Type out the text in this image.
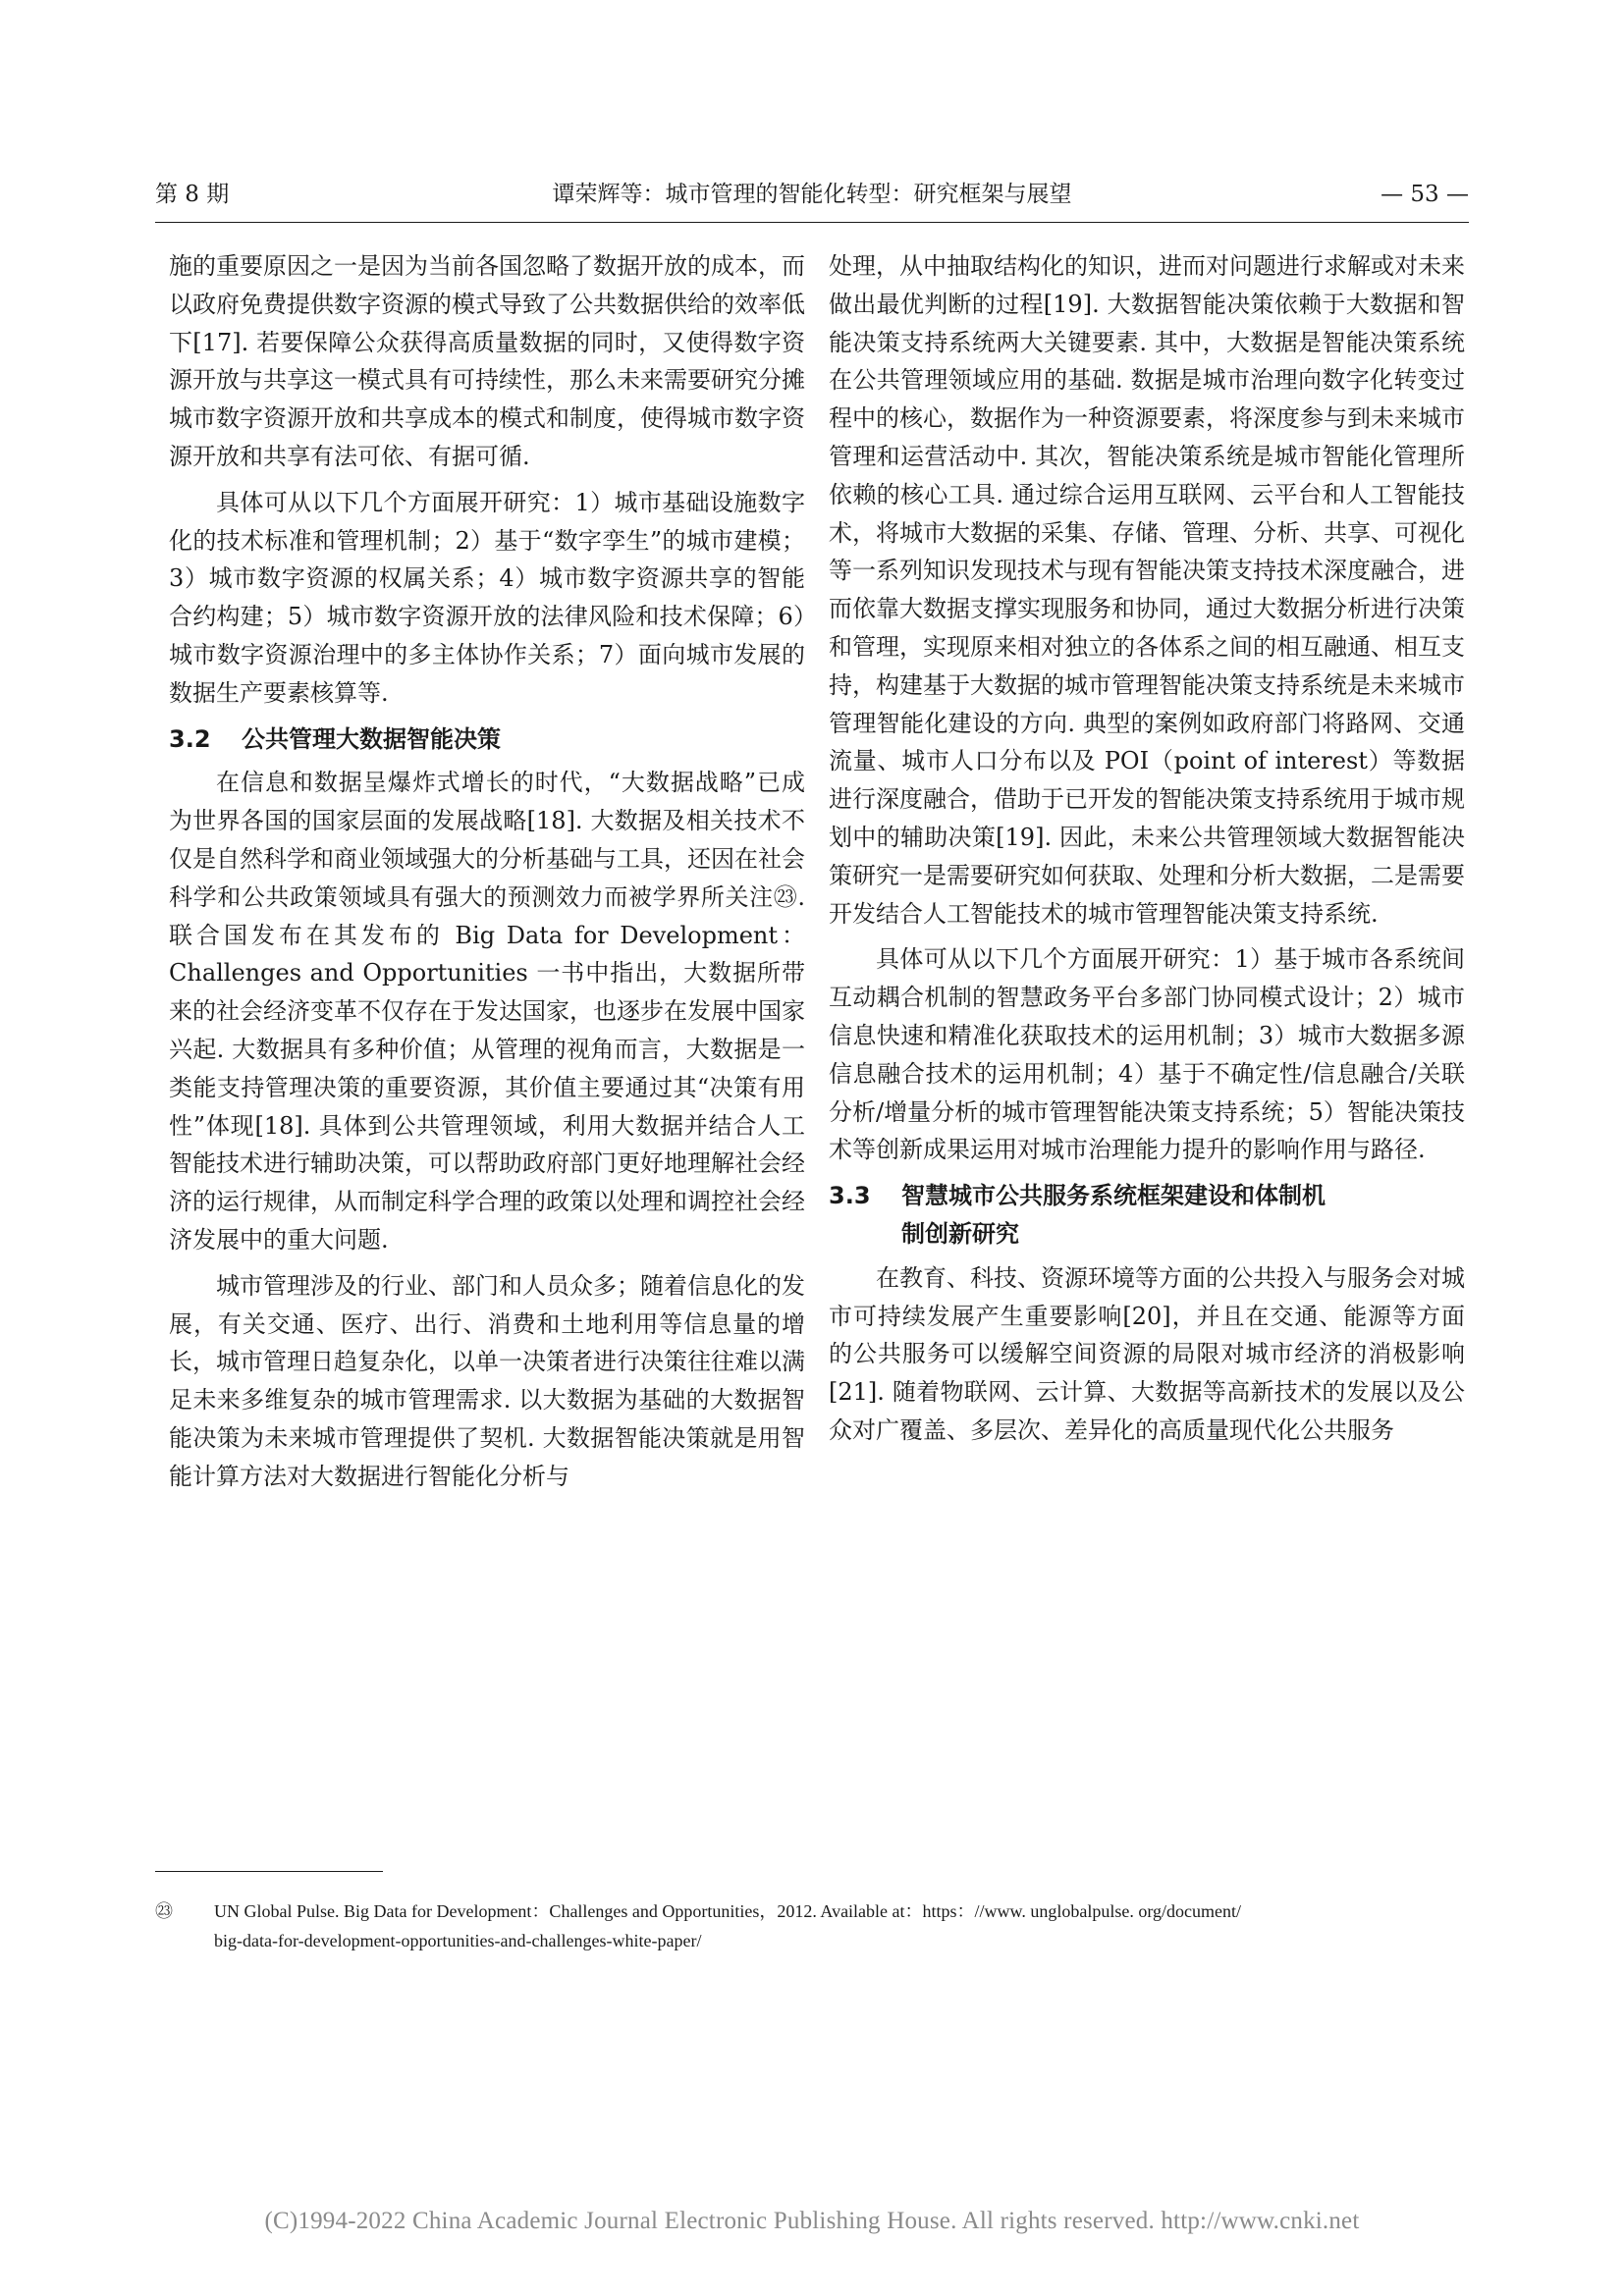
第 8 期	谭荣辉等：城市管理的智能化转型：研究框架与展望	— 53 —

施的重要原因之一是因为当前各国忽略了数据开放的成本，而以政府免费提供数字资源的模式导致了公共数据供给的效率低下[17]. 若要保障公众获得高质量数据的同时，又使得数字资源开放与共享这一模式具有可持续性，那么未来需要研究分摊城市数字资源开放和共享成本的模式和制度，使得城市数字资源开放和共享有法可依、有据可循.

具体可从以下几个方面展开研究：1）城市基础设施数字化的技术标准和管理机制；2）基于“数字孪生”的城市建模；3）城市数字资源的权属关系；4）城市数字资源共享的智能合约构建；5）城市数字资源开放的法律风险和技术保障；6）城市数字资源治理中的多主体协作关系；7）面向城市发展的数据生产要素核算等.

3.2 公共管理大数据智能决策

在信息和数据呈爆炸式增长的时代，“大数据战略”已成为世界各国的国家层面的发展战略[18]. 大数据及相关技术不仅是自然科学和商业领域强大的分析基础与工具，还因在社会科学和公共政策领域具有强大的预测效力而被学界所关注㉓. 联合国发布在其发布的 Big Data for Development：Challenges and Opportunities 一书中指出，大数据所带来的社会经济变革不仅存在于发达国家，也逐步在发展中国家兴起. 大数据具有多种价值；从管理的视角而言，大数据是一类能支持管理决策的重要资源，其价值主要通过其“决策有用性”体现[18]. 具体到公共管理领域，利用大数据并结合人工智能技术进行辅助决策，可以帮助政府部门更好地理解社会经济的运行规律，从而制定科学合理的政策以处理和调控社会经济发展中的重大问题.

城市管理涉及的行业、部门和人员众多；随着信息化的发展，有关交通、医疗、出行、消费和土地利用等信息量的增长，城市管理日趋复杂化，以单一决策者进行决策往往难以满足未来多维复杂的城市管理需求. 以大数据为基础的大数据智能决策为未来城市管理提供了契机. 大数据智能决策就是用智能计算方法对大数据进行智能化分析与

处理，从中抽取结构化的知识，进而对问题进行求解或对未来做出最优判断的过程[19]. 大数据智能决策依赖于大数据和智能决策支持系统两大关键要素. 其中，大数据是智能决策系统在公共管理领域应用的基础. 数据是城市治理向数字化转变过程中的核心，数据作为一种资源要素，将深度参与到未来城市管理和运营活动中. 其次，智能决策系统是城市智能化管理所依赖的核心工具. 通过综合运用互联网、云平台和人工智能技术，将城市大数据的采集、存储、管理、分析、共享、可视化等一系列知识发现技术与现有智能决策支持技术深度融合，进而依靠大数据支撑实现服务和协同，通过大数据分析进行决策和管理，实现原来相对独立的各体系之间的相互融通、相互支持，构建基于大数据的城市管理智能决策支持系统是未来城市管理智能化建设的方向. 典型的案例如政府部门将路网、交通流量、城市人口分布以及 POI（point of interest）等数据进行深度融合，借助于已开发的智能决策支持系统用于城市规划中的辅助决策[19]. 因此，未来公共管理领域大数据智能决策研究一是需要研究如何获取、处理和分析大数据，二是需要开发结合人工智能技术的城市管理智能决策支持系统.

具体可从以下几个方面展开研究：1）基于城市各系统间互动耦合机制的智慧政务平台多部门协同模式设计；2）城市信息快速和精准化获取技术的运用机制；3）城市大数据多源信息融合技术的运用机制；4）基于不确定性/信息融合/关联分析/增量分析的城市管理智能决策支持系统；5）智能决策技术等创新成果运用对城市治理能力提升的影响作用与路径.

3.3 智慧城市公共服务系统框架建设和体制机
制创新研究

在教育、科技、资源环境等方面的公共投入与服务会对城市可持续发展产生重要影响[20]，并且在交通、能源等方面的公共服务可以缓解空间资源的局限对城市经济的消极影响[21]. 随着物联网、云计算、大数据等高新技术的发展以及公众对广覆盖、多层次、差异化的高质量现代化公共服务

㉓ UN Global Pulse. Big Data for Development：Challenges and Opportunities，2012. Available at：https：//www. unglobalpulse. org/document/
big-data-for-development-opportunities-and-challenges-white-paper/
(C)1994-2022 China Academic Journal Electronic Publishing House. All rights reserved. http://www.cnki.net
